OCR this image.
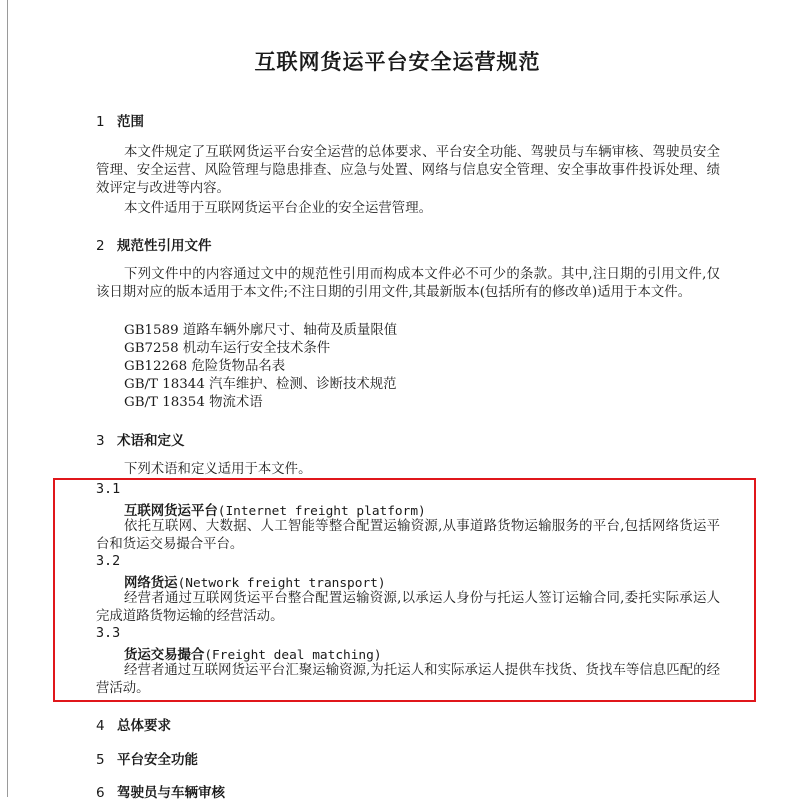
互联网货运平台安全运营规范
1 范围
本文件规定了互联网货运平台安全运营的总体要求、平台安全功能、驾驶员与车辆审核、驾驶员安全管理、安全运营、风险管理与隐患排查、应急与处置、网络与信息安全管理、安全事故事件投诉处理、绩效评定与改进等内容。
本文件适用于互联网货运平台企业的安全运营管理。
2 规范性引用文件
下列文件中的内容通过文中的规范性引用而构成本文件必不可少的条款。其中,注日期的引用文件,仅该日期对应的版本适用于本文件;不注日期的引用文件,其最新版本(包括所有的修改单)适用于本文件。
GB1589 道路车辆外廓尺寸、轴荷及质量限值
GB7258 机动车运行安全技术条件
GB12268 危险货物品名表
GB/T 18344 汽车维护、检测、诊断技术规范
GB/T 18354 物流术语
3 术语和定义
下列术语和定义适用于本文件。
3.1
互联网货运平台(Internet freight platform)
依托互联网、大数据、人工智能等整合配置运输资源,从事道路货物运输服务的平台,包括网络货运平台和货运交易撮合平台。
3.2
网络货运(Network freight transport)
经营者通过互联网货运平台整合配置运输资源,以承运人身份与托运人签订运输合同,委托实际承运人完成道路货物运输的经营活动。
3.3
货运交易撮合(Freight deal matching)
经营者通过互联网货运平台汇聚运输资源,为托运人和实际承运人提供车找货、货找车等信息匹配的经营活动。
4 总体要求
5 平台安全功能
6 驾驶员与车辆审核
